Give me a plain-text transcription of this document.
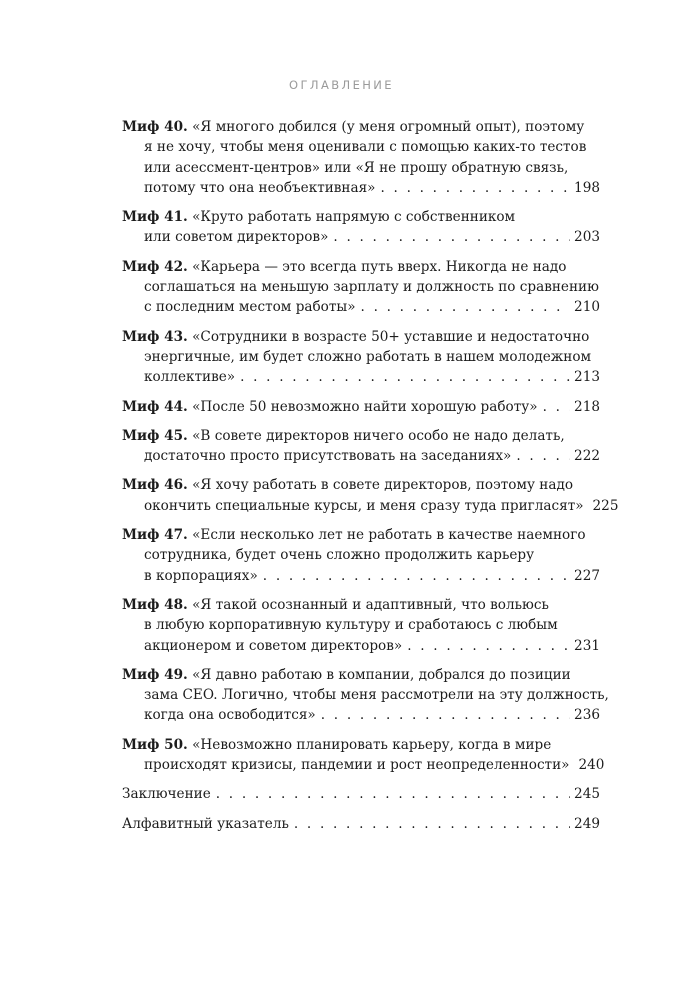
ОГЛАВЛЕНИЕ
Миф 40. «Я многого добился (у меня огромный опыт), поэтому
я не хочу, чтобы меня оценивали с помощью каких-то тестов
или асессмент-центров» или «Я не прошу обратную связь,
потому что она необъективная» . . .	198
Миф 41. «Круто работать напрямую с собственником
или советом директоров» . . .	203
Миф 42. «Карьера — это всегда путь вверх. Никогда не надо
соглашаться на меньшую зарплату и должность по сравнению
с последним местом работы» . . .	210
Миф 43. «Сотрудники в возрасте 50+ уставшие и недостаточно
энергичные, им будет сложно работать в нашем молодежном
коллективе» . . .	213
Миф 44. «После 50 невозможно найти хорошую работу» . . .	218
Миф 45. «В совете директоров ничего особо не надо делать,
достаточно просто присутствовать на заседаниях» . . .	222
Миф 46. «Я хочу работать в совете директоров, поэтому надо
окончить специальные курсы, и меня сразу туда пригласят» 225
Миф 47. «Если несколько лет не работать в качестве наемного
сотрудника, будет очень сложно продолжить карьеру
в корпорациях» . . .	227
Миф 48. «Я такой осознанный и адаптивный, что вольюсь
в любую корпоративную культуру и сработаюсь с любым
акционером и советом директоров» . . .	231
Миф 49. «Я давно работаю в компании, добрался до позиции
зама CEO. Логично, чтобы меня рассмотрели на эту должность,
когда она освободится» . . .	236
Миф 50. «Невозможно планировать карьеру, когда в мире
происходят кризисы, пандемии и рост неопределенности» 240
Заключение . . .	245
Алфавитный указатель . . .	249
